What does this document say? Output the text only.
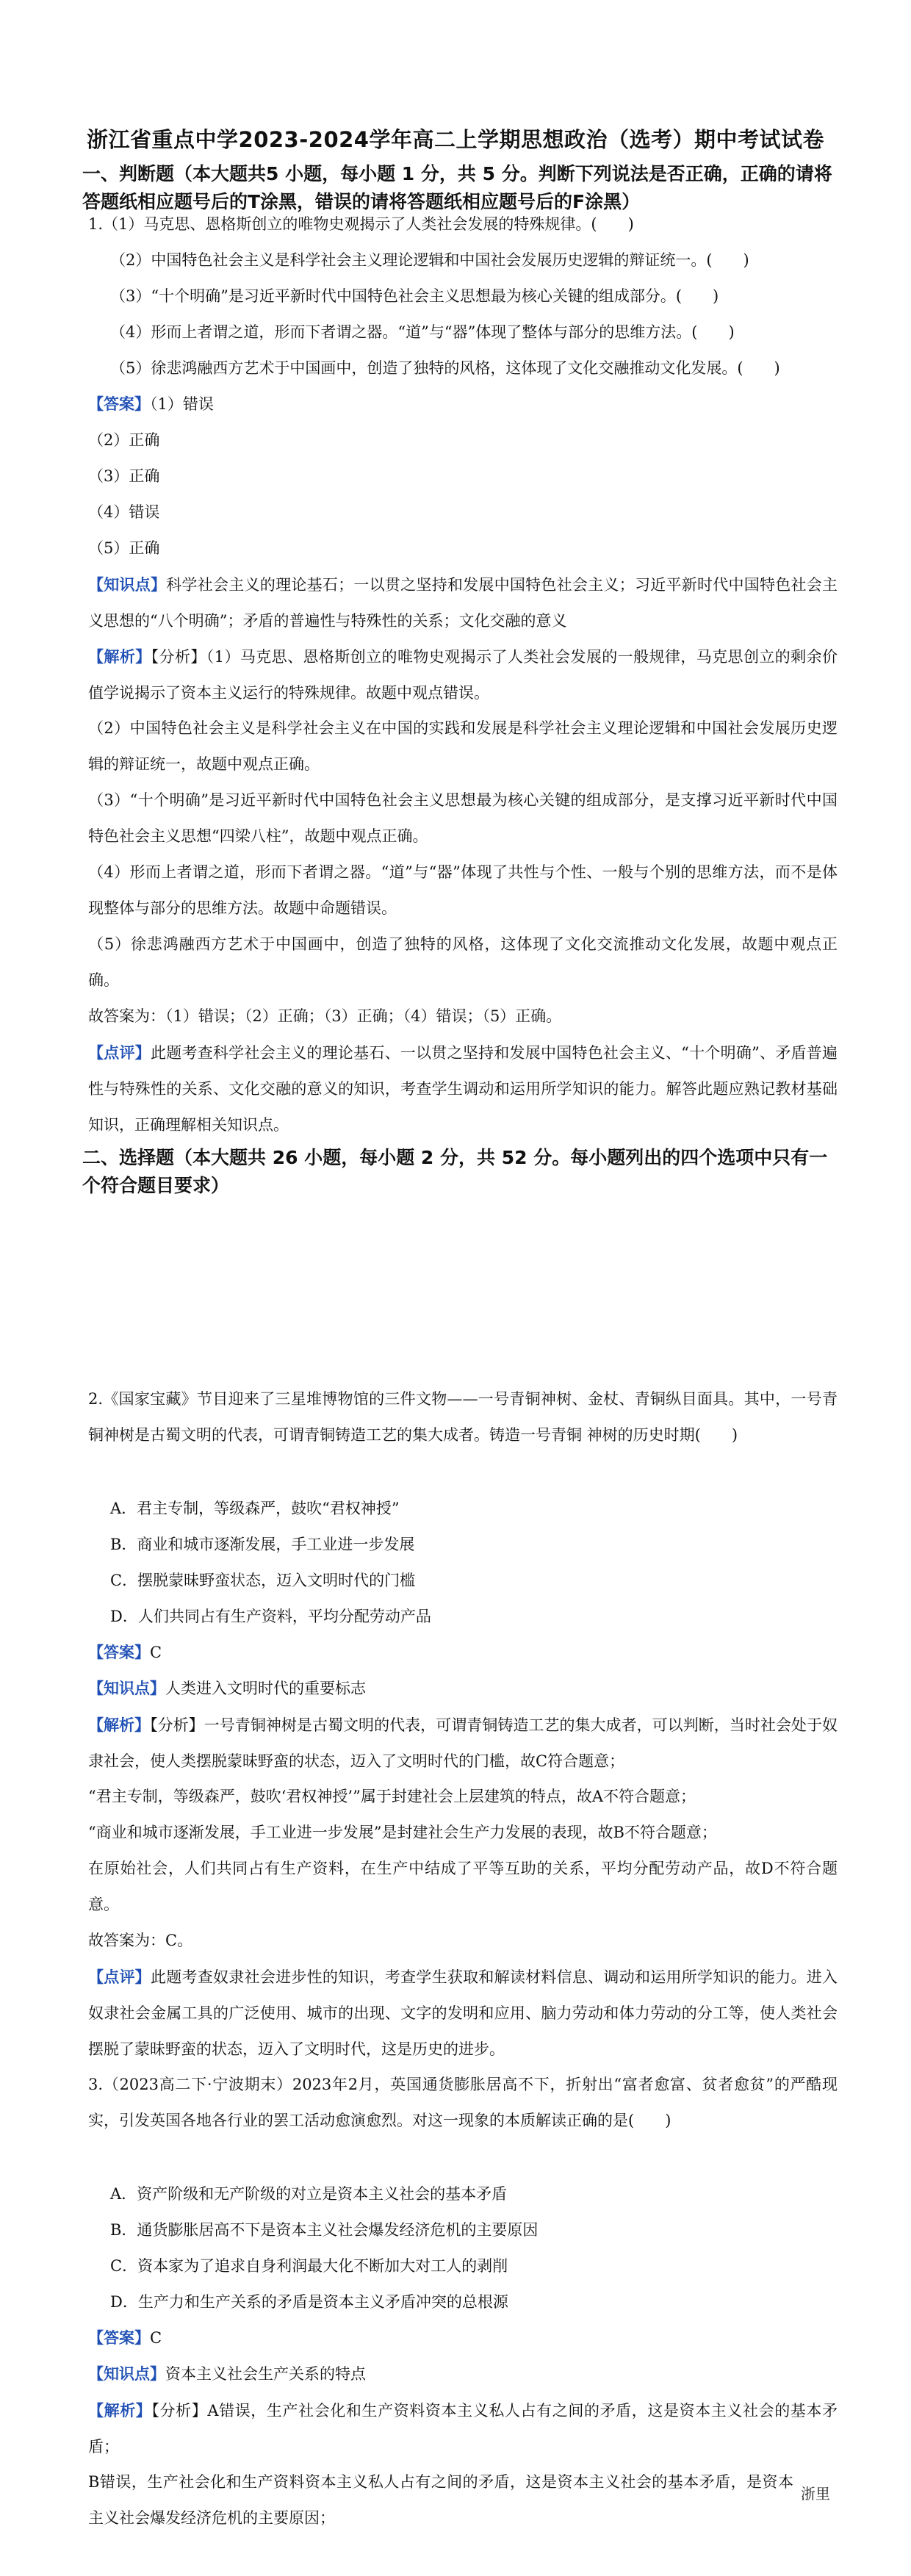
浙江省重点中学2023-2024学年高二上学期思想政治（选考）期中考试试卷
一、判断题（本大题共5 小题，每小题 1 分，共 5 分。判断下列说法是否正确，正确的请将答题纸相应题号后的T涂黑，错误的请将答题纸相应题号后的F涂黑）
1.（1）马克思、恩格斯创立的唯物史观揭示了人类社会发展的特殊规律。(　　)
（2）中国特色社会主义是科学社会主义理论逻辑和中国社会发展历史逻辑的辩证统一。(　　)
（3）“十个明确”是习近平新时代中国特色社会主义思想最为核心关键的组成部分。(　　)
（4）形而上者谓之道，形而下者谓之器。“道”与“器”体现了整体与部分的思维方法。(　　)
（5）徐悲鸿融西方艺术于中国画中，创造了独特的风格，这体现了文化交融推动文化发展。(　　)
【答案】（1）错误
（2）正确
（3）正确
（4）错误
（5）正确
【知识点】科学社会主义的理论基石；一以贯之坚持和发展中国特色社会主义；习近平新时代中国特色社会主义思想的“八个明确”；矛盾的普遍性与特殊性的关系；文化交融的意义
【解析】【分析】（1）马克思、恩格斯创立的唯物史观揭示了人类社会发展的一般规律，马克思创立的剩余价值学说揭示了资本主义运行的特殊规律。故题中观点错误。
（2）中国特色社会主义是科学社会主义在中国的实践和发展是科学社会主义理论逻辑和中国社会发展历史逻辑的辩证统一，故题中观点正确。
（3）“十个明确”是习近平新时代中国特色社会主义思想最为核心关键的组成部分，是支撑习近平新时代中国特色社会主义思想“四梁八柱”，故题中观点正确。
（4）形而上者谓之道，形而下者谓之器。“道”与“器”体现了共性与个性、一般与个别的思维方法，而不是体现整体与部分的思维方法。故题中命题错误。
（5）徐悲鸿融西方艺术于中国画中，创造了独特的风格，这体现了文化交流推动文化发展，故题中观点正确。
故答案为：（1）错误；（2）正确；（3）正确；（4）错误；（5）正确。
【点评】此题考查科学社会主义的理论基石、一以贯之坚持和发展中国特色社会主义、“十个明确”、矛盾普遍性与特殊性的关系、文化交融的意义的知识，考查学生调动和运用所学知识的能力。解答此题应熟记教材基础知识，正确理解相关知识点。
二、选择题（本大题共 26 小题，每小题 2 分，共 52 分。每小题列出的四个选项中只有一个符合题目要求）
2.《国家宝藏》节目迎来了三星堆博物馆的三件文物——一号青铜神树、金杖、青铜纵目面具。其中，一号青铜神树是古蜀文明的代表，可谓青铜铸造工艺的集大成者。铸造一号青铜 神树的历史时期(　　)
A．君主专制，等级森严，鼓吹“君权神授”
B．商业和城市逐渐发展，手工业进一步发展
C．摆脱蒙昧野蛮状态，迈入文明时代的门槛
D．人们共同占有生产资料，平均分配劳动产品
【答案】C
【知识点】人类进入文明时代的重要标志
【解析】【分析】一号青铜神树是古蜀文明的代表，可谓青铜铸造工艺的集大成者，可以判断，当时社会处于奴隶社会，使人类摆脱蒙昧野蛮的状态，迈入了文明时代的门槛，故C符合题意；
“君主专制，等级森严，鼓吹‘君权神授’”属于封建社会上层建筑的特点，故A不符合题意；
“商业和城市逐渐发展，手工业进一步发展”是封建社会生产力发展的表现，故B不符合题意；
在原始社会，人们共同占有生产资料，在生产中结成了平等互助的关系，平均分配劳动产品，故D不符合题意。
故答案为：C。
【点评】此题考查奴隶社会进步性的知识，考查学生获取和解读材料信息、调动和运用所学知识的能力。进入奴隶社会金属工具的广泛使用、城市的出现、文字的发明和应用、脑力劳动和体力劳动的分工等，使人类社会摆脱了蒙昧野蛮的状态，迈入了文明时代，这是历史的进步。
3.（2023高二下·宁波期末）2023年2月，英国通货膨胀居高不下，折射出“富者愈富、贫者愈贫”的严酷现实，引发英国各地各行业的罢工活动愈演愈烈。对这一现象的本质解读正确的是(　　)
A．资产阶级和无产阶级的对立是资本主义社会的基本矛盾
B．通货膨胀居高不下是资本主义社会爆发经济危机的主要原因
C．资本家为了追求自身利润最大化不断加大对工人的剥削
D．生产力和生产关系的矛盾是资本主义矛盾冲突的总根源
【答案】C
【知识点】资本主义社会生产关系的特点
【解析】【分析】A错误，生产社会化和生产资料资本主义私人占有之间的矛盾，这是资本主义社会的基本矛盾；
B错误，生产社会化和生产资料资本主义私人占有之间的矛盾，这是资本主义社会的基本矛盾，是资本主义社会爆发经济危机的主要原因；
浙里
